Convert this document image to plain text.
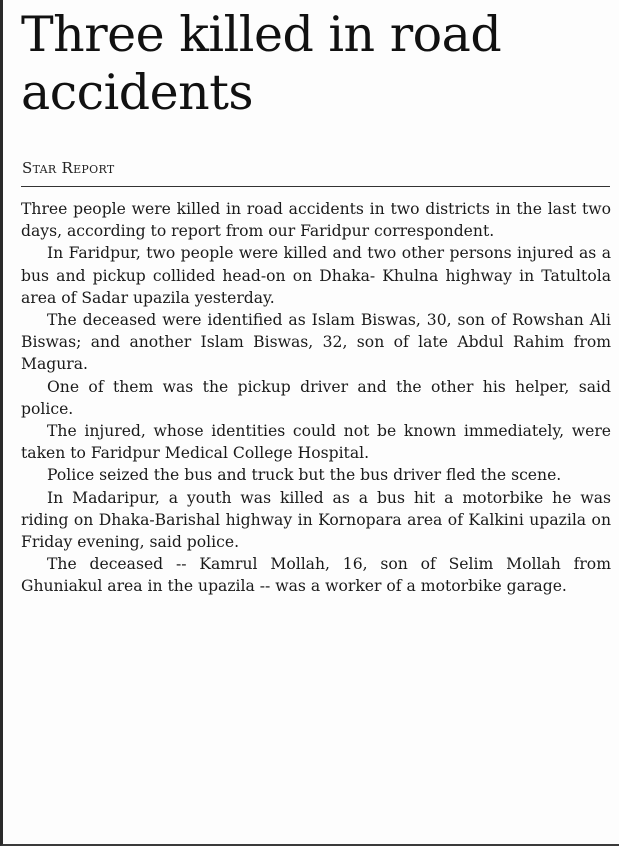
Three killed in road accidents
Star Report

Three people were killed in road accidents in two districts in the last two days, according to report from our Faridpur correspondent.

In Faridpur, two people were killed and two other persons injured as a bus and pickup collided head-on on Dhaka- Khulna highway in Tatultola area of Sadar upazila yesterday.

The deceased were identified as Islam Biswas, 30, son of Rowshan Ali Biswas; and another Islam Biswas, 32, son of late Abdul Rahim from Magura.

One of them was the pickup driver and the other his helper, said police.

The injured, whose identities could not be known immediately, were taken to Faridpur Medical College Hospital.

Police seized the bus and truck but the bus driver fled the scene.

In Madaripur, a youth was killed as a bus hit a motorbike he was riding on Dhaka-Barishal highway in Kornopara area of Kalkini upazila on Friday evening, said police.

The deceased -- Kamrul Mollah, 16, son of Selim Mollah from Ghuniakul area in the upazila -- was a worker of a motorbike garage.
